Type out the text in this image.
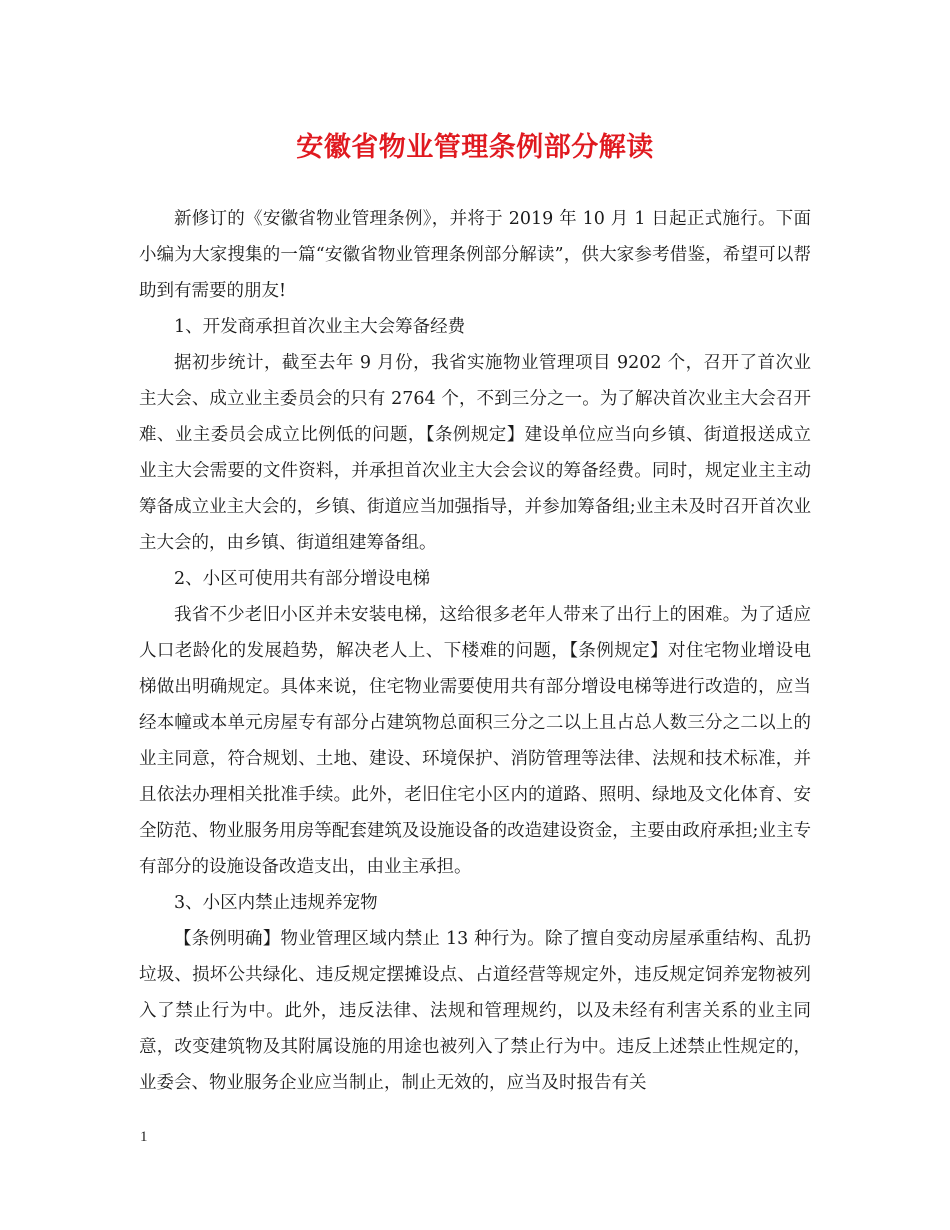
安徽省物业管理条例部分解读

新修订的《安徽省物业管理条例》，并将于 2019 年 10 月 1 日起正式施行。下面小编为大家搜集的一篇“安徽省物业管理条例部分解读”，供大家参考借鉴，希望可以帮助到有需要的朋友!

1、开发商承担首次业主大会筹备经费

据初步统计，截至去年 9 月份，我省实施物业管理项目 9202 个，召开了首次业主大会、成立业主委员会的只有 2764 个，不到三分之一。为了解决首次业主大会召开难、业主委员会成立比例低的问题，【条例规定】建设单位应当向乡镇、街道报送成立业主大会需要的文件资料，并承担首次业主大会会议的筹备经费。同时，规定业主主动筹备成立业主大会的，乡镇、街道应当加强指导，并参加筹备组;业主未及时召开首次业主大会的，由乡镇、街道组建筹备组。

2、小区可使用共有部分增设电梯

我省不少老旧小区并未安装电梯，这给很多老年人带来了出行上的困难。为了适应人口老龄化的发展趋势，解决老人上、下楼难的问题，【条例规定】对住宅物业增设电梯做出明确规定。具体来说，住宅物业需要使用共有部分增设电梯等进行改造的，应当经本幢或本单元房屋专有部分占建筑物总面积三分之二以上且占总人数三分之二以上的业主同意，符合规划、土地、建设、环境保护、消防管理等法律、法规和技术标准，并且依法办理相关批准手续。此外，老旧住宅小区内的道路、照明、绿地及文化体育、安全防范、物业服务用房等配套建筑及设施设备的改造建设资金，主要由政府承担;业主专有部分的设施设备改造支出，由业主承担。

3、小区内禁止违规养宠物

【条例明确】物业管理区域内禁止 13 种行为。除了擅自变动房屋承重结构、乱扔垃圾、损坏公共绿化、违反规定摆摊设点、占道经营等规定外，违反规定饲养宠物被列入了禁止行为中。此外，违反法律、法规和管理规约，以及未经有利害关系的业主同意，改变建筑物及其附属设施的用途也被列入了禁止行为中。违反上述禁止性规定的，业委会、物业服务企业应当制止，制止无效的，应当及时报告有关

1
